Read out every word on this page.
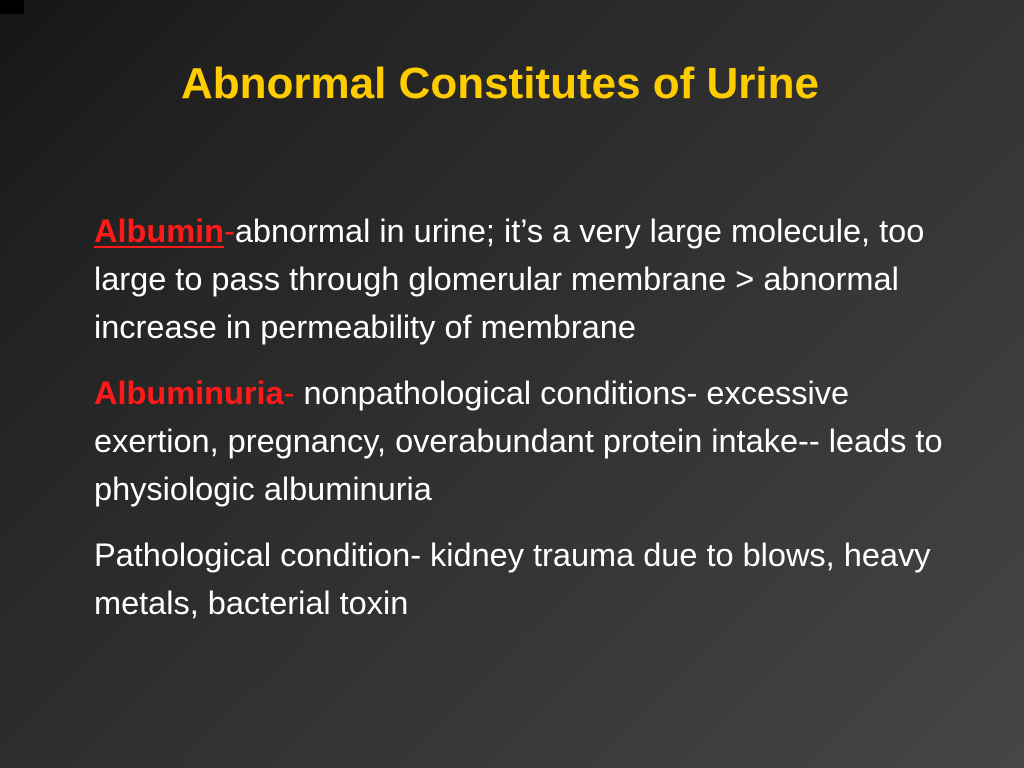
Abnormal Constitutes of Urine

Albumin-abnormal in urine; it’s a very large molecule, too large to pass through glomerular membrane > abnormal increase in permeability of membrane

Albuminuria- nonpathological conditions- excessive exertion, pregnancy, overabundant protein intake-- leads to physiologic albuminuria

Pathological condition- kidney trauma due to blows, heavy metals, bacterial toxin
